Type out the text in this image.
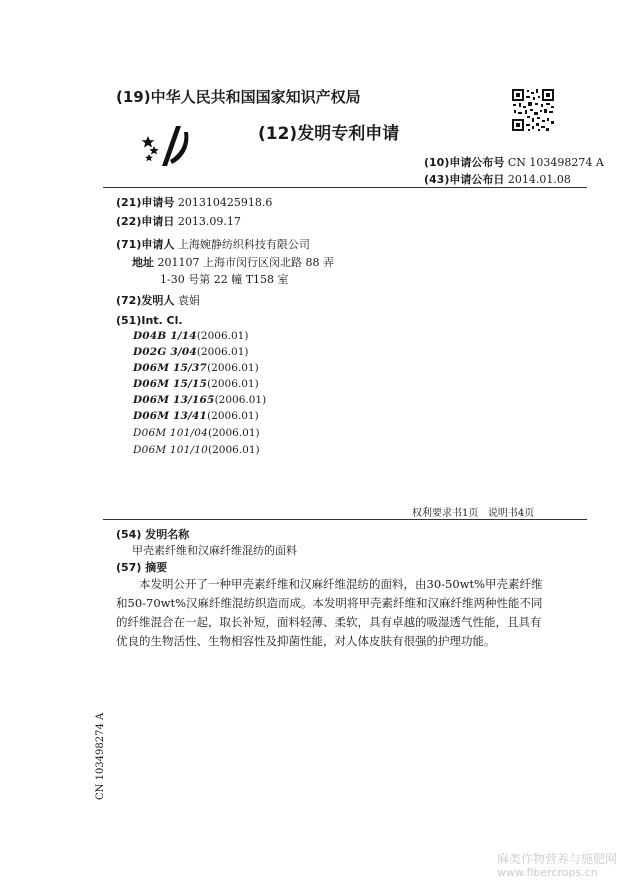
(19)中华人民共和国国家知识产权局
(12)发明专利申请
(10)申请公布号 CN 103498274 A
(43)申请公布日 2014.01.08
(21)申请号 201310425918.6
(22)申请日 2013.09.17
(71)申请人 上海婉静纺织科技有限公司
地址 201107 上海市闵行区闵北路 88 弄
1-30 号第 22 幢 T158 室
(72)发明人 袁娟
(51)Int. Cl.
D04B 1/14(2006.01)
D02G 3/04(2006.01)
D06M 15/37(2006.01)
D06M 15/15(2006.01)
D06M 13/165(2006.01)
D06M 13/41(2006.01)
D06M 101/04(2006.01)
D06M 101/10(2006.01)
权利要求书1页   说明书4页
(54) 发明名称
甲壳素纤维和汉麻纤维混纺的面料
(57) 摘要
本发明公开了一种甲壳素纤维和汉麻纤维混纺的面料，由30-50wt%甲壳素纤维和50-70wt%汉麻纤维混纺织造而成。本发明将甲壳素纤维和汉麻纤维两种性能不同的纤维混合在一起，取长补短，面料轻薄、柔软，具有卓越的吸湿透气性能，且具有优良的生物活性、生物相容性及抑菌性能，对人体皮肤有很强的护理功能。
CN 103498274 A
麻类作物营养与施肥网
www.fibercrops.cn
